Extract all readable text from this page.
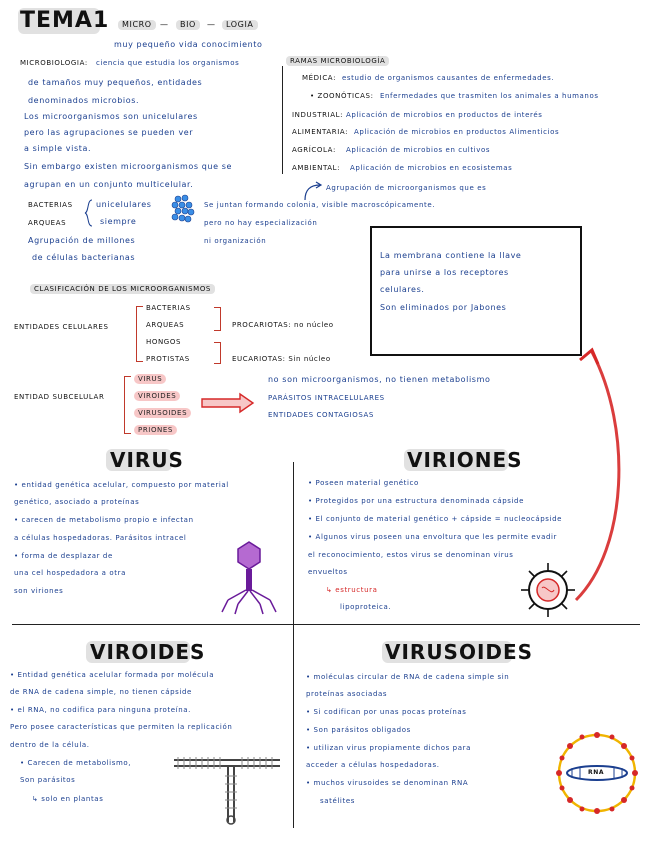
TEMA1	MICRO	—	BIO	—	LOGIA
muy pequeño vida conocimiento
MICROBIOLOGIA: ciencia que estudia los organismos
de tamaños muy pequeños, entidades
denominados microbios.
Los microorganismos son unicelulares
pero las agrupaciones se pueden ver
a simple vista.
Sin embargo existen microorganismos que se
agrupan en un conjunto multicelular.
RAMAS MICROBIOLOGÍA
MÉDICA: estudio de organismos causantes de enfermedades.
• ZOONÓTICAS: Enfermedades que trasmiten los animales a humanos
INDUSTRIAL: Aplicación de microbios en productos de interés
ALIMENTARIA: Aplicación de microbios en productos Alimenticios
AGRÍCOLA: Aplicación de microbios en cultivos
AMBIENTAL: Aplicación de microbios en ecosistemas
Agrupación de microorganismos que es
BACTERIAS
ARQUEAS
unicelulares
siempre
Agrupación de millones
de células bacterianas
Se juntan formando colonia, visible macroscópicamente.
pero no hay especialización
ni organización
La membrana contiene la llave
para unirse a los receptores
celulares.
Son eliminados por Jabones
CLASIFICACIÓN DE LOS MICROORGANISMOS
ENTIDADES CELULARES
BACTERIAS
ARQUEAS
HONGOS
PROTISTAS
PROCARIOTAS: no núcleo
EUCARIOTAS: Sin núcleo
ENTIDAD SUBCELULAR
VIRUS
VIROIDES
VIRUSOIDES
PRIONES
no son microorganismos, no tienen metabolismo
PARÁSITOS INTRACELULARES
ENTIDADES CONTAGIOSAS
VIRUS
• entidad genética acelular, compuesto por material
genético, asociado a proteínas
• carecen de metabolismo propio e infectan
a células hospedadoras. Parásitos intracel
• forma de desplazar de
una cel hospedadora a otra
son viriones
VIRIONES
• Poseen material genético
• Protegidos por una estructura denominada cápside
• El conjunto de material genético + cápside = nucleocápside
• Algunos virus poseen una envoltura que les permite evadir
el reconocimiento, estos virus se denominan virus
envueltos
↳ estructura
lipoproteica.
VIROIDES
• Entidad genética acelular formada por molécula
de RNA de cadena simple, no tienen cápside
• el RNA, no codifica para ninguna proteína.
Pero posee características que permiten la replicación
dentro de la célula.
• Carecen de metabolismo,
Son parásitos
↳ solo en plantas
VIRUSOIDES
• moléculas circular de RNA de cadena simple sin
proteínas asociadas
• Si codifican por unas pocas proteínas
• Son parásitos obligados
• utilizan virus propiamente dichos para
acceder a células hospedadoras.
• muchos virusoides se denominan RNA
satélites
RNA
